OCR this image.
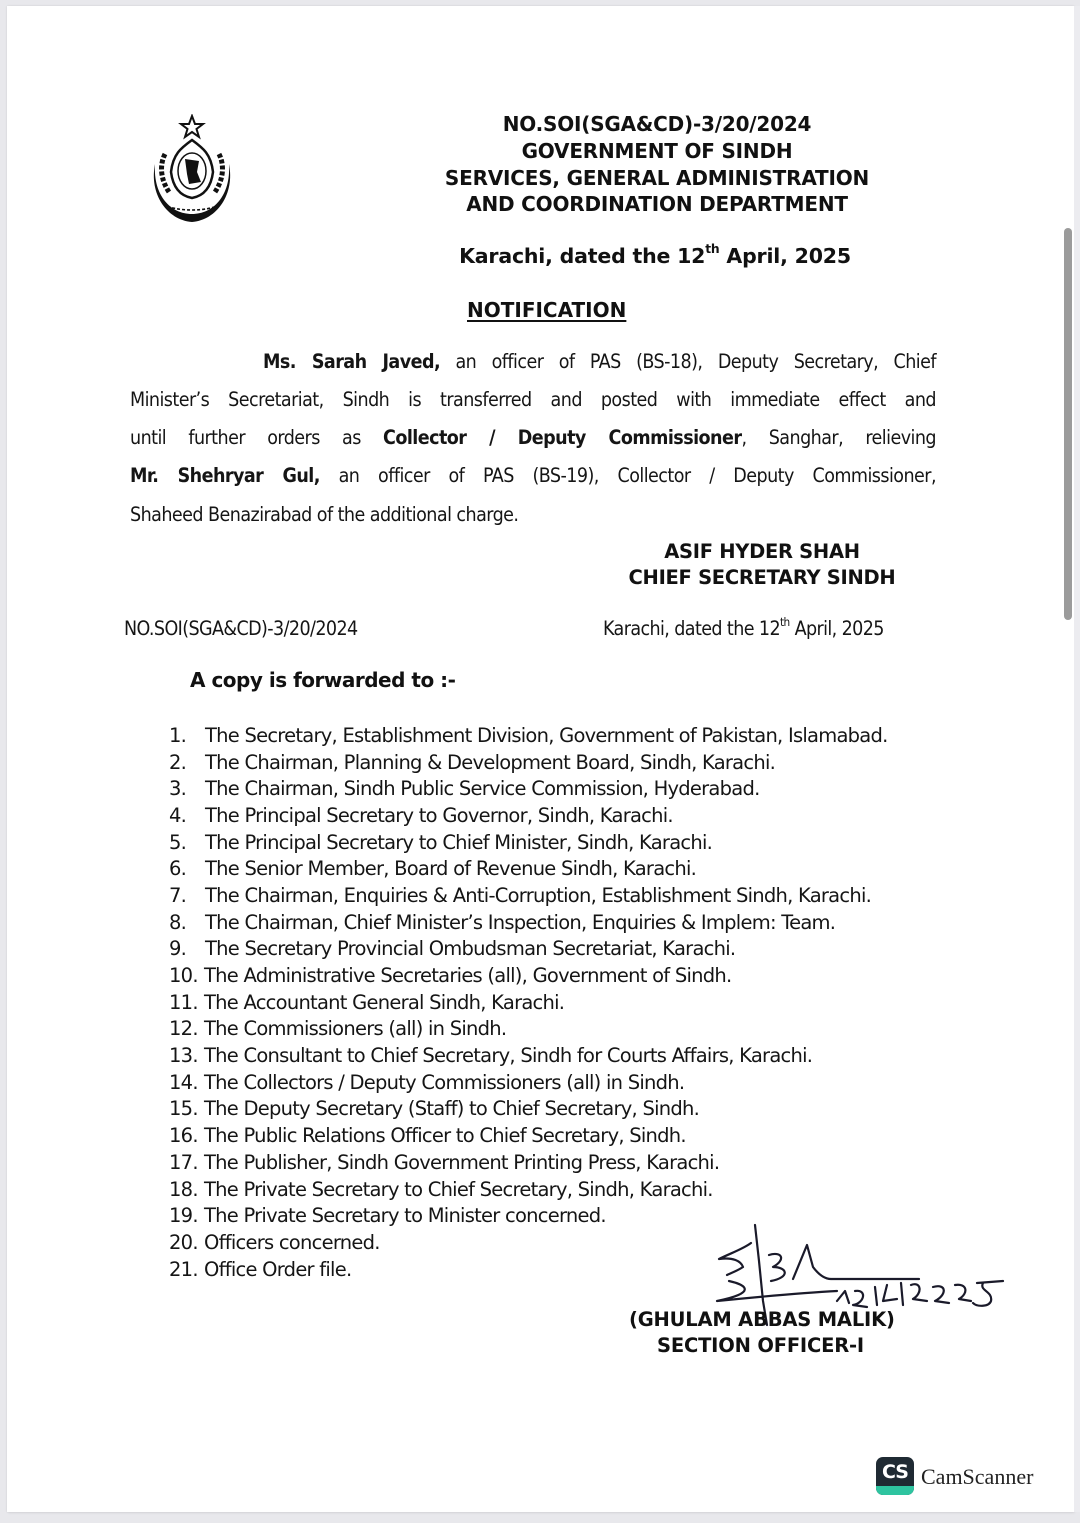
NO.SOI(SGA&CD)-3/20/2024
GOVERNMENT OF SINDH
SERVICES, GENERAL ADMINISTRATION
AND COORDINATION DEPARTMENT
Karachi, dated the 12th April, 2025
NOTIFICATION
Ms. Sarah Javed, an officer of PAS (BS-18), Deputy Secretary, Chief
Minister’s Secretariat, Sindh is transferred and posted with immediate effect and
until further orders as Collector / Deputy Commissioner, Sanghar, relieving
Mr. Shehryar Gul, an officer of PAS (BS-19), Collector / Deputy Commissioner,
Shaheed Benazirabad of the additional charge.
ASIF HYDER SHAH
CHIEF SECRETARY SINDH
NO.SOI(SGA&CD)-3/20/2024	Karachi, dated the 12th April, 2025
A copy is forwarded to :-
1. The Secretary, Establishment Division, Government of Pakistan, Islamabad.
2. The Chairman, Planning & Development Board, Sindh, Karachi.
3. The Chairman, Sindh Public Service Commission, Hyderabad.
4. The Principal Secretary to Governor, Sindh, Karachi.
5. The Principal Secretary to Chief Minister, Sindh, Karachi.
6. The Senior Member, Board of Revenue Sindh, Karachi.
7. The Chairman, Enquiries & Anti-Corruption, Establishment Sindh, Karachi.
8. The Chairman, Chief Minister’s Inspection, Enquiries & Implem: Team.
9. The Secretary Provincial Ombudsman Secretariat, Karachi.
10. The Administrative Secretaries (all), Government of Sindh.
11. The Accountant General Sindh, Karachi.
12. The Commissioners (all) in Sindh.
13. The Consultant to Chief Secretary, Sindh for Courts Affairs, Karachi.
14. The Collectors / Deputy Commissioners (all) in Sindh.
15. The Deputy Secretary (Staff) to Chief Secretary, Sindh.
16. The Public Relations Officer to Chief Secretary, Sindh.
17. The Publisher, Sindh Government Printing Press, Karachi.
18. The Private Secretary to Chief Secretary, Sindh, Karachi.
19. The Private Secretary to Minister concerned.
20. Officers concerned.
21. Office Order file.
(GHULAM ABBAS MALIK)
SECTION OFFICER-I
CS CamScanner
